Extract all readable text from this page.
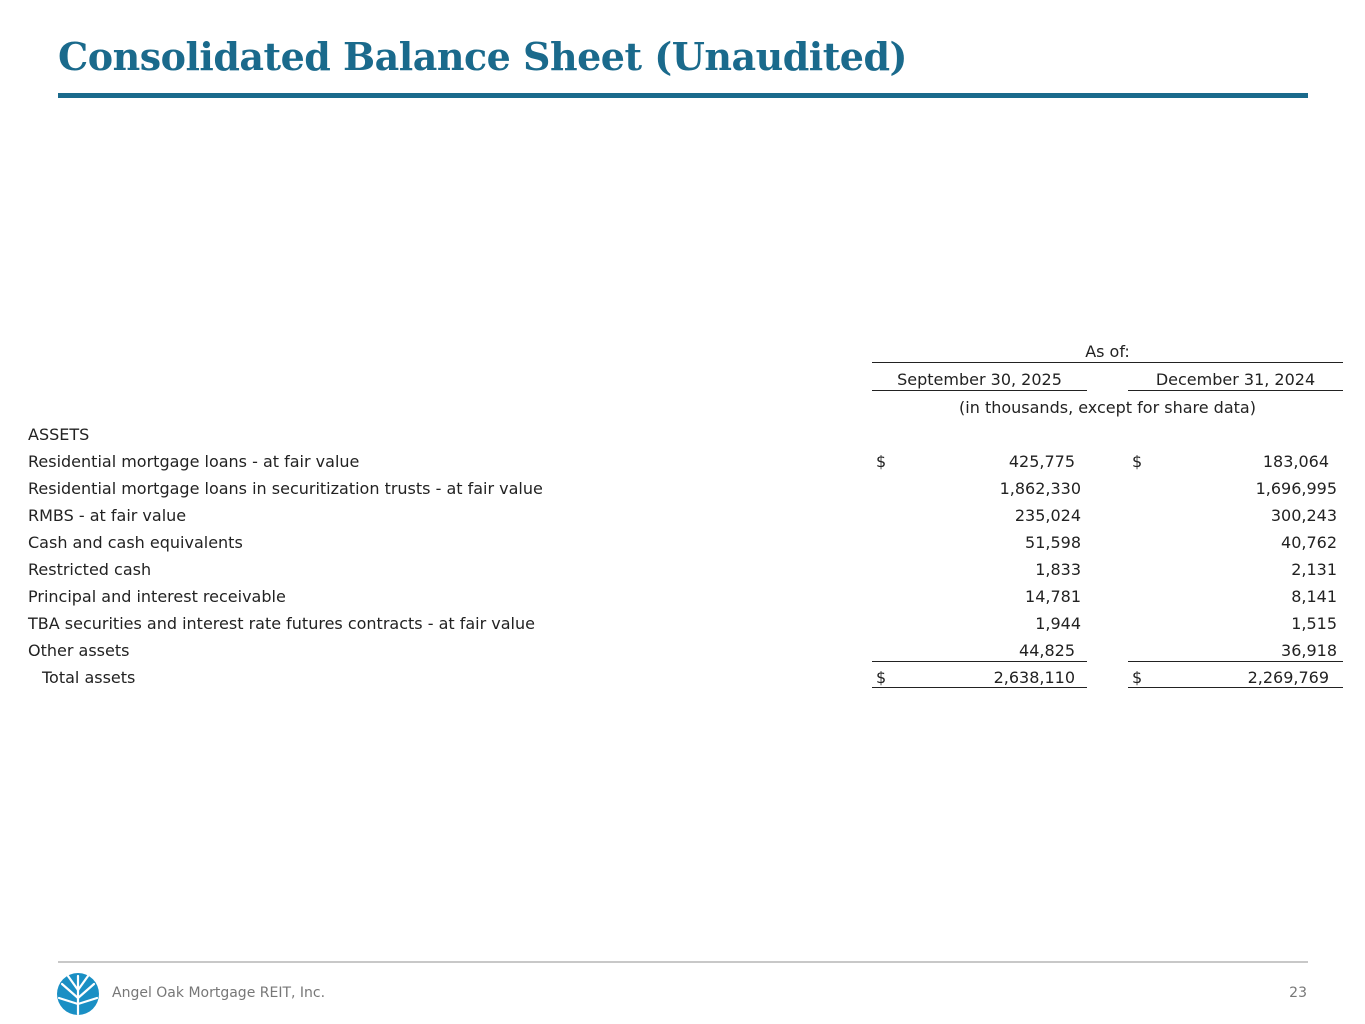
Consolidated Balance Sheet (Unaudited)
As of:
September 30, 2025	December 31, 2024
(in thousands, except for share data)
ASSETS
Residential mortgage loans - at fair value	$	425,775	$	183,064
Residential mortgage loans in securitization trusts - at fair value	1,862,330	1,696,995
RMBS - at fair value	235,024	300,243
Cash and cash equivalents	51,598	40,762
Restricted cash	1,833	2,131
Principal and interest receivable	14,781	8,141
TBA securities and interest rate futures contracts - at fair value	1,944	1,515
Other assets	44,825	36,918
Total assets	$	2,638,110	$	2,269,769
Angel Oak Mortgage REIT, Inc.	23
